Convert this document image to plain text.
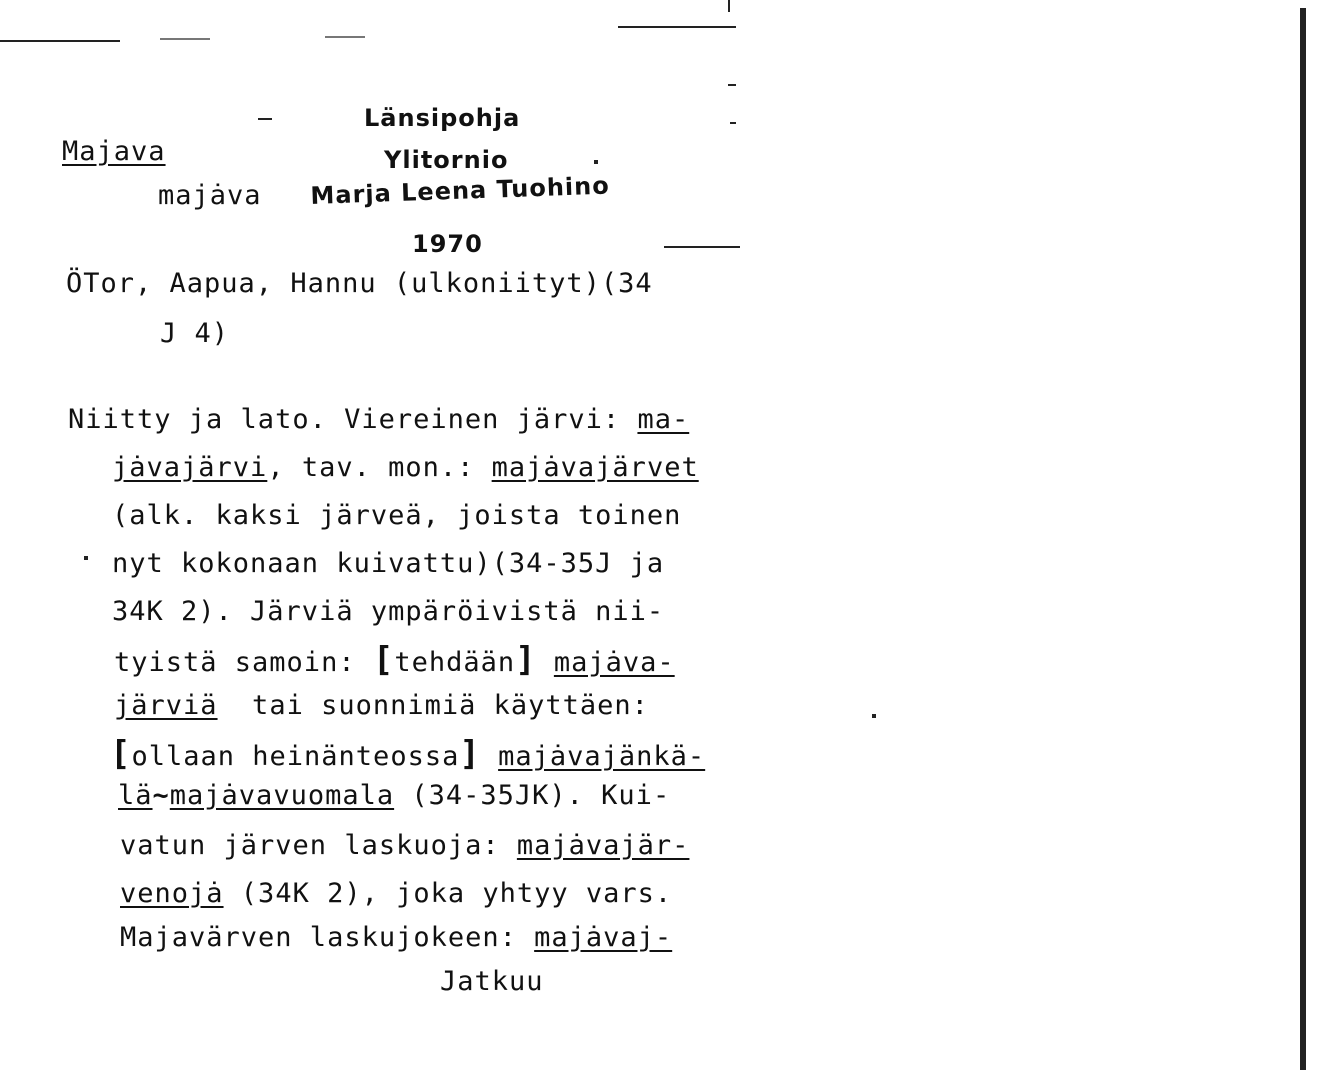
Majava
majȧva
Länsipohja
Ylitornio
Marja Leena Tuohino
1970
ÖTor, Aapua, Hannu (ulkoniityt)(34
J 4)
Niitty ja lato. Viereinen järvi: ma-
jȧvajärvi, tav. mon.: majȧvajärvet
(alk. kaksi järveä, joista toinen
nyt kokonaan kuivattu)(34-35J ja
34K 2). Järviä ympäröivistä nii-
tyistä samoin: [tehdään] majȧva-
järviä  tai suonnimiä käyttäen:
[ollaan heinänteossa] majȧvajänkä-
lä~majȧvavuomala (34-35JK). Kui-
vatun järven laskuoja: majȧvajär-
venojȧ (34K 2), joka yhtyy vars.
Majavärven laskujokeen: majȧvaj-
Jatkuu
